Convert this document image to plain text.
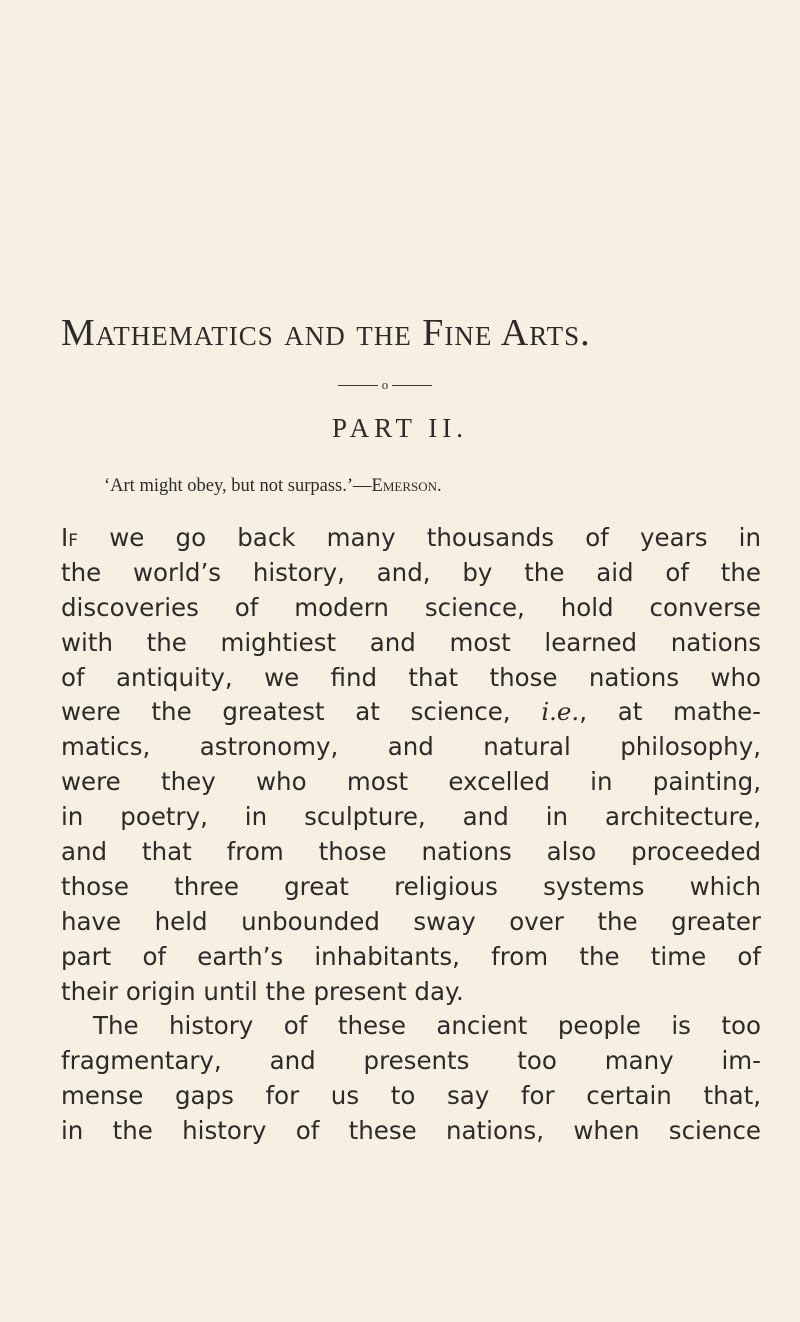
Mathematics and the Fine Arts.
o
PART II.
‘Art might obey, but not surpass.’—Emerson.
If we go back many thousands of years in
the world’s history, and, by the aid of the
discoveries of modern science, hold converse
with the mightiest and most learned nations
of antiquity, we find that those nations who
were the greatest at science, i.e., at mathe-
matics, astronomy, and natural philosophy,
were they who most excelled in painting,
in poetry, in sculpture, and in architecture,
and that from those nations also proceeded
those three great religious systems which
have held unbounded sway over the greater
part of earth’s inhabitants, from the time of
their origin until the present day.
The history of these ancient people is too
fragmentary, and presents too many im-
mense gaps for us to say for certain that,
in the history of these nations, when science
